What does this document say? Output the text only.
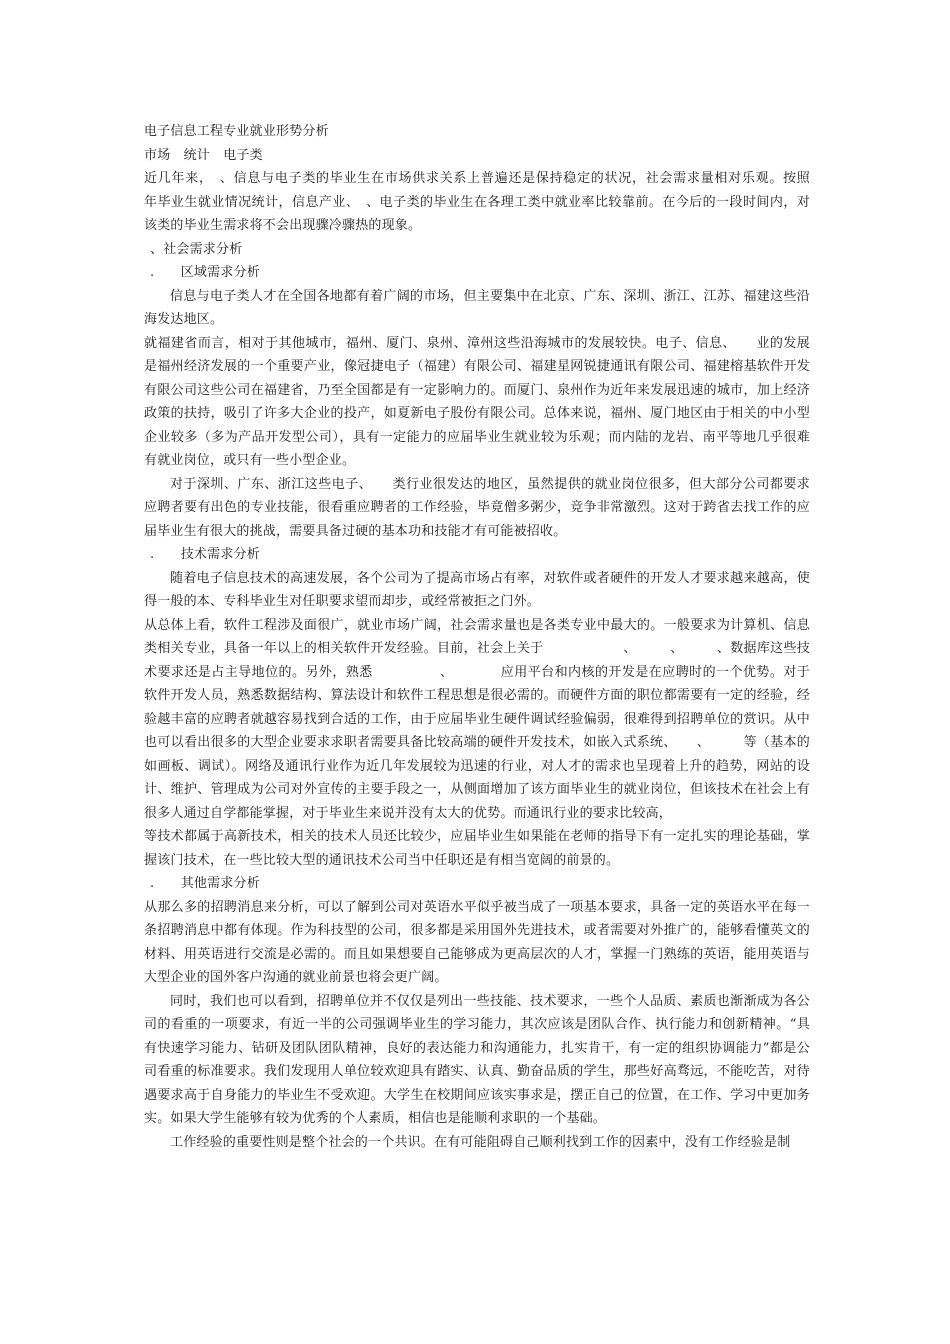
电子信息工程专业就业形势分析

市场　统计　电子类

近几年来，　、信息与电子类的毕业生在市场供求关系上普遍还是保持稳定的状况，社会需求量相对乐观。按照　　年毕业生就业情况统计，信息产业、　、电子类的毕业生在各理工类中就业率比较靠前。在今后的一段时间内，对该类的毕业生需求将不会出现骤冷骤热的现象。

、社会需求分析

.　　区域需求分析

信息与电子类人才在全国各地都有着广阔的市场，但主要集中在北京、广东、深圳、浙江、江苏、福建这些沿海发达地区。

就福建省而言，相对于其他城市，福州、厦门、泉州、漳州这些沿海城市的发展较快。电子、信息、　　业的发展是福州经济发展的一个重要产业，像冠捷电子（福建）有限公司、福建星网锐捷通讯有限公司、福建榕基软件开发有限公司这些公司在福建省，乃至全国都是有一定影响力的。而厦门、泉州作为近年来发展迅速的城市，加上经济政策的扶持，吸引了许多大企业的投产，如夏新电子股份有限公司。总体来说，福州、厦门地区由于相关的中小型企业较多（多为产品开发型公司），具有一定能力的应届毕业生就业较为乐观；而内陆的龙岩、南平等地几乎很难有就业岗位，或只有一些小型企业。

对于深圳、广东、浙江这些电子、　　类行业很发达的地区，虽然提供的就业岗位很多，但大部分公司都要求应聘者要有出色的专业技能，很看重应聘者的工作经验，毕竟僧多粥少，竞争非常激烈。这对于跨省去找工作的应届毕业生有很大的挑战，需要具备过硬的基本功和技能才有可能被招收。

.　　技术需求分析

随着电子信息技术的高速发展，各个公司为了提高市场占有率，对软件或者硬件的开发人才要求越来越高，使得一般的本、专科毕业生对任职要求望而却步，或经常被拒之门外。

从总体上看，软件工程涉及面很广，就业市场广阔，社会需求量也是各类专业中最大的。一般要求为计算机、信息类相关专业，具备一年以上的相关软件开发经验。目前，社会上关于　　　　　　、　　　、　　　、数据库这些技术要求还是占主导地位的。另外，熟悉　　　　　、　　　　应用平台和内核的开发是在应聘时的一个优势。对于软件开发人员，熟悉数据结构、算法设计和软件工程思想是很必需的。而硬件方面的职位都需要有一定的经验，经验越丰富的应聘者就越容易找到合适的工作，由于应届毕业生硬件调试经验偏弱，很难得到招聘单位的赏识。从中也可以看出很多的大型企业要求求职者需要具备比较高端的硬件开发技术，如嵌入式系统、　　、　　　等（基本的如画板、调试）。网络及通讯行业作为近几年发展较为迅速的行业，对人才的需求也呈现着上升的趋势，网站的设计、维护、管理成为公司对外宣传的主要手段之一，从侧面增加了该方面毕业生的就业岗位，但该技术在社会上有很多人通过自学都能掌握，对于毕业生来说并没有太大的优势。而通讯行业的要求比较高，

等技术都属于高新技术，相关的技术人员还比较少，应届毕业生如果能在老师的指导下有一定扎实的理论基础，掌握该门技术，在一些比较大型的通讯技术公司当中任职还是有相当宽阔的前景的。

.　　其他需求分析

从那么多的招聘消息来分析，可以了解到公司对英语水平似乎被当成了一项基本要求，具备一定的英语水平在每一条招聘消息中都有体现。作为科技型的公司，很多都是采用国外先进技术，或者需要对外推广的，能够看懂英文的材料、用英语进行交流是必需的。而且如果想要自己能够成为更高层次的人才，掌握一门熟练的英语，能用英语与大型企业的国外客户沟通的就业前景也将会更广阔。

同时，我们也可以看到，招聘单位并不仅仅是列出一些技能、技术要求，一些个人品质、素质也渐渐成为各公司的看重的一项要求，有近一半的公司强调毕业生的学习能力，其次应该是团队合作、执行能力和创新精神。“具有快速学习能力、钻研及团队团队精神，良好的表达能力和沟通能力，扎实肯干，有一定的组织协调能力”都是公司看重的标准要求。我们发现用人单位较欢迎具有踏实、认真、勤奋品质的学生，那些好高骛远，不能吃苦，对待遇要求高于自身能力的毕业生不受欢迎。大学生在校期间应该实事求是，摆正自己的位置，在工作、学习中更加务实。如果大学生能够有较为优秀的个人素质，相信也是能顺利求职的一个基础。

工作经验的重要性则是整个社会的一个共识。在有可能阻碍自己顺利找到工作的因素中，没有工作经验是制
